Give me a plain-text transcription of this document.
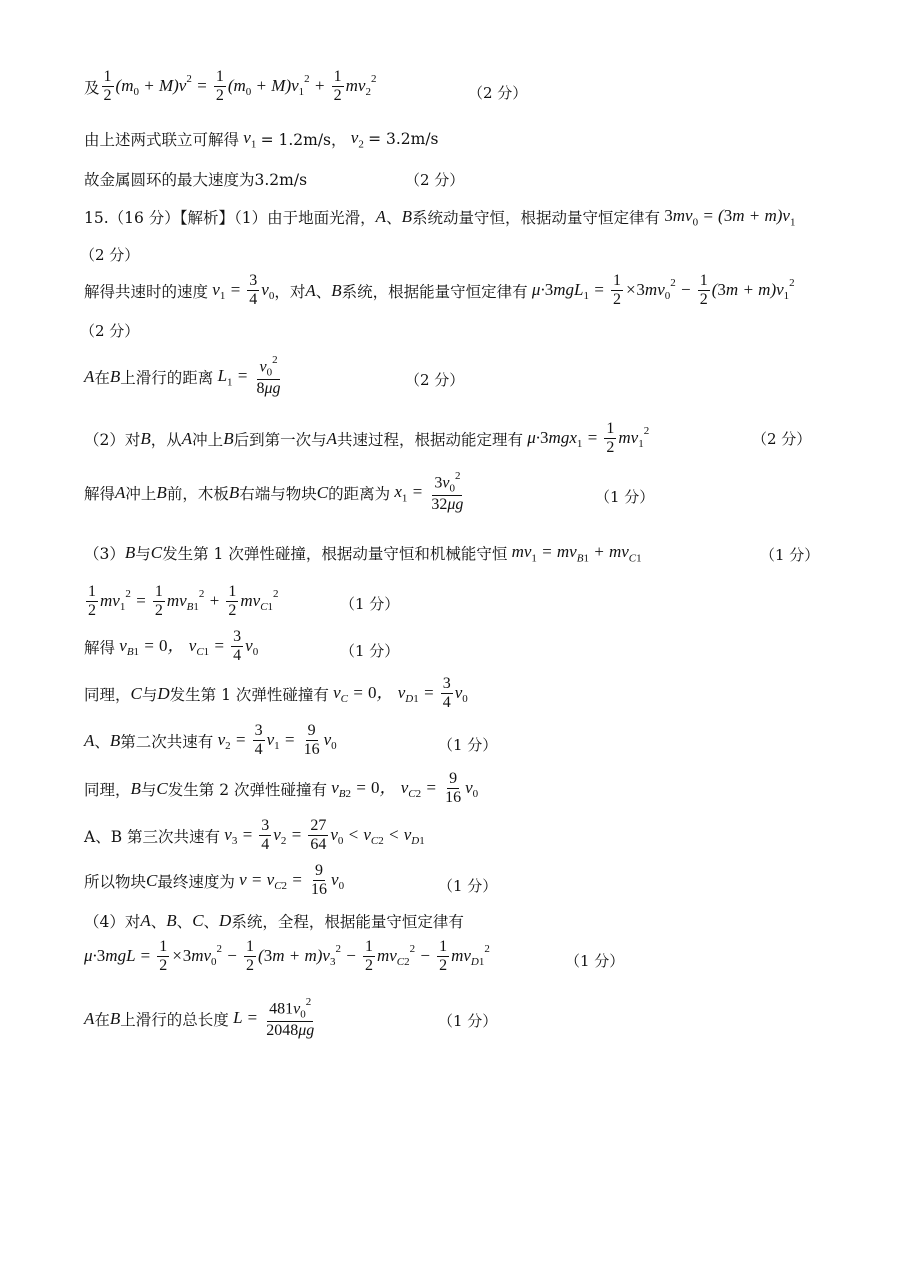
及 $\frac{1}{2} (m_0 + M)v^2 = \frac{1}{2} (m_0 + M)v_1^2 + \frac{1}{2} mv_2^2$
（2 分）
由上述两式联立可解得 $v_1 = 1.2m/s$， $v_2 = 3.2m/s$
故金属圆环的最大速度为3.2m/s	（2 分）
15.（16 分）【解析】（1）由于地面光滑， A 、 B 系统动量守恒，根据动量守恒定律有 $3mv_0 = (3m + m)v_1$
（2 分）
解得共速时的速度 $v_1 = \frac{3}{4} v_0$ ，对 A 、 B 系统，根据能量守恒定律有 $\mu\cdot 3mgL_1 = \frac{1}{2} \times 3mv_0^2 - \frac{1}{2} (3m + m)v_1^2$
（2 分）
A 在 B 上滑行的距离 $L_1 = \frac{v_0^2}{8\mu g}$	（2 分）
（2）对 B ，从 A 冲上 B 后到第一次与 A 共速过程，根据动能定理有 $\mu\cdot 3mgx_1 = \frac{1}{2} mv_1^2$	（2 分）
解得 A 冲上 B 前，木板 B 右端与物块 C 的距离为 $x_1 = \frac{3v_0^2}{32\mu g}$	（1 分）
（3） B 与 C 发生第 1 次弹性碰撞，根据动量守恒和机械能守恒 $mv_1 = mv_{B1} + mv_{C1}$	（1 分）
$\frac{1}{2} mv_1^2 = \frac{1}{2} mv_{B1}^2 + \frac{1}{2} mv_{C1}^2$
（1 分）
解得 $v_{B1} = 0$， $v_{C1} = \frac{3}{4} v_0$	（1 分）
同理， C 与 D 发生第 1 次弹性碰撞有 $v_C = 0$， $v_{D1} = \frac{3}{4} v_0$
A 、 B 第二次共速有 $v_2 = \frac{3}{4} v_1 = \frac{9}{16} v_0$	（1 分）
同理， B 与 C 发生第 2 次弹性碰撞有 $v_{B2} = 0$， $v_{C2} = \frac{9}{16} v_0$
A、B 第三次共速有 $v_3 = \frac{3}{4} v_2 = \frac{27}{64} v_0 < v_{C2} < v_{D1}$
所以物块 C 最终速度为 $v = v_{C2} = \frac{9}{16} v_0$	（1 分）
（4）对 A 、 B 、 C 、 D 系统，全程，根据能量守恒定律有
$\mu\cdot 3mgL = \frac{1}{2} \times 3mv_0^2 - \frac{1}{2} (3m + m)v_3^2 - \frac{1}{2} mv_{C2}^2 - \frac{1}{2} mv_{D1}^2$
（1 分）
A 在 B 上滑行的总长度 $L = \frac{481v_0^2}{2048\mu g}$	（1 分）
